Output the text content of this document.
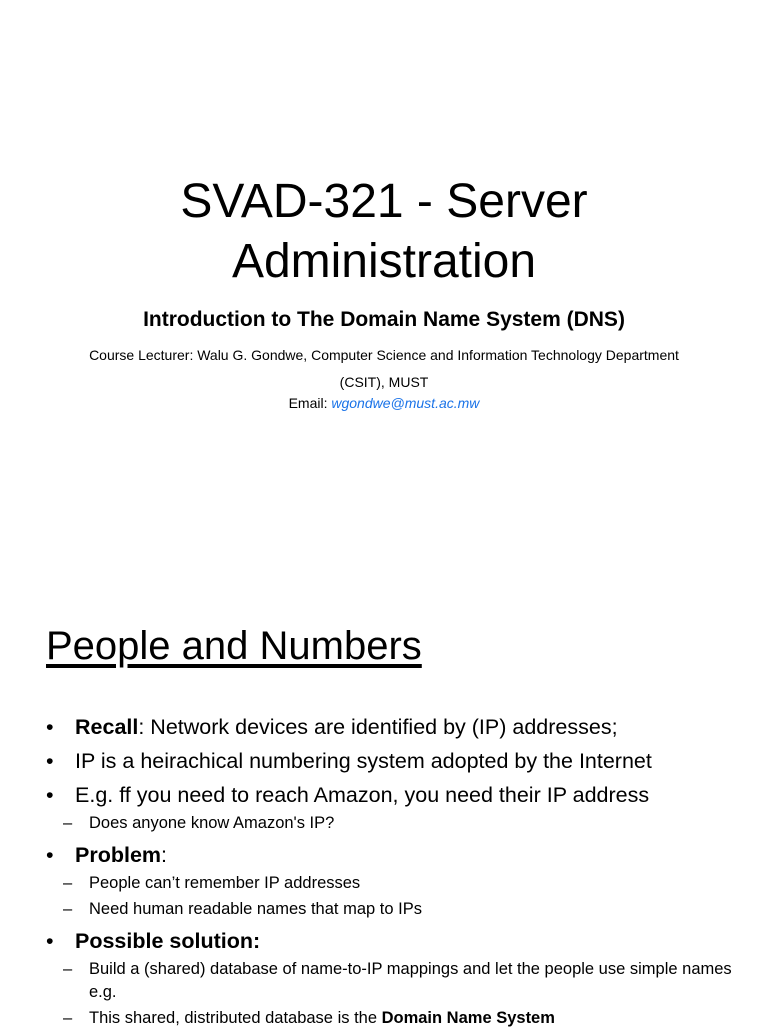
SVAD-321 - Server
Administration
Introduction to The Domain Name System (DNS)
Course Lecturer: Walu G. Gondwe, Computer Science and Information Technology Department (CSIT), MUST
Email: wgondwe@must.ac.mw
People and Numbers
• Recall: Network devices are identified by (IP) addresses;
• IP is a heirachical numbering system adopted by the Internet
• E.g. ff you need to reach Amazon, you need their IP address
– Does anyone know Amazon's IP?
• Problem:
– People can’t remember IP addresses
– Need human readable names that map to IPs
• Possible solution:
– Build a (shared) database of name-to-IP mappings and let the people use simple names e.g.
– This shared, distributed database is the Domain Name System
